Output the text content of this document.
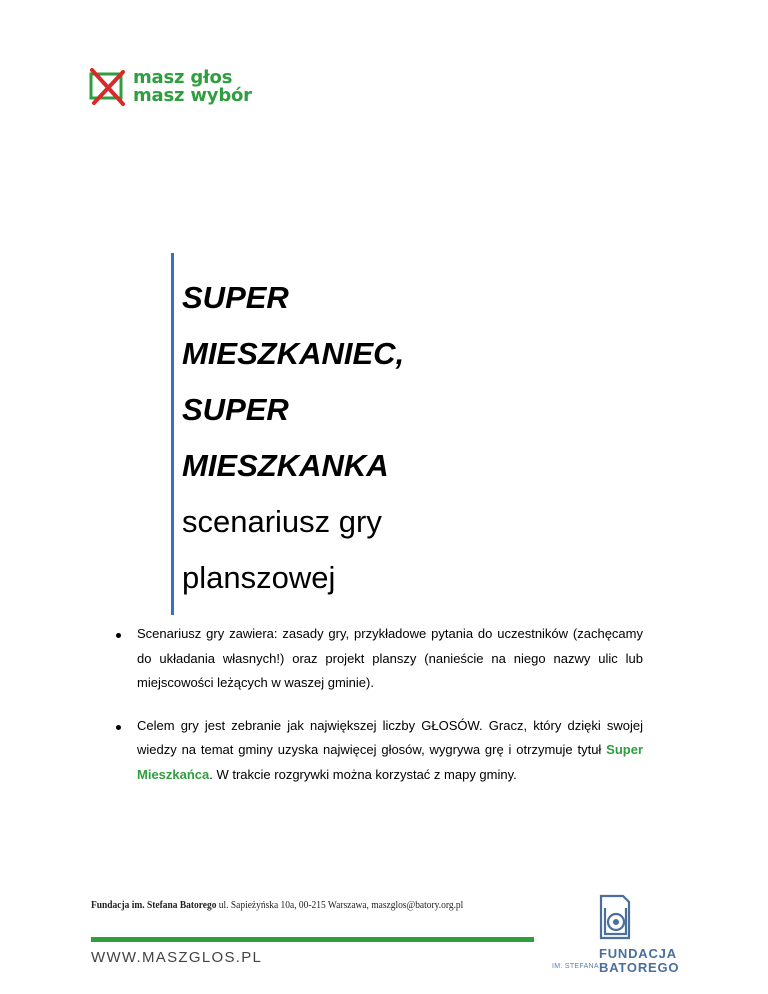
masz głos
masz wybór
SUPER
MIESZKANIEC,
SUPER
MIESZKANKA
scenariusz gry
planszowej
Scenariusz gry zawiera: zasady gry, przykładowe pytania do uczestników (zachęcamy do układania własnych!) oraz projekt planszy (nanieście na niego nazwy ulic lub miejscowości leżących w waszej gminie).
Celem gry jest zebranie jak największej liczby GŁOSÓW. Gracz, który dzięki swojej wiedzy na temat gminy uzyska najwięcej głosów, wygrywa grę i otrzymuje tytuł Super Mieszkańca. W trakcie rozgrywki można korzystać z mapy gminy.
Fundacja im. Stefana Batorego ul. Sapieżyńska 10a, 00-215 Warszawa, maszglos@batory.org.pl
WWW.MASZGLOS.PL	FUNDACJA
IM. STEFANA BATOREGO
